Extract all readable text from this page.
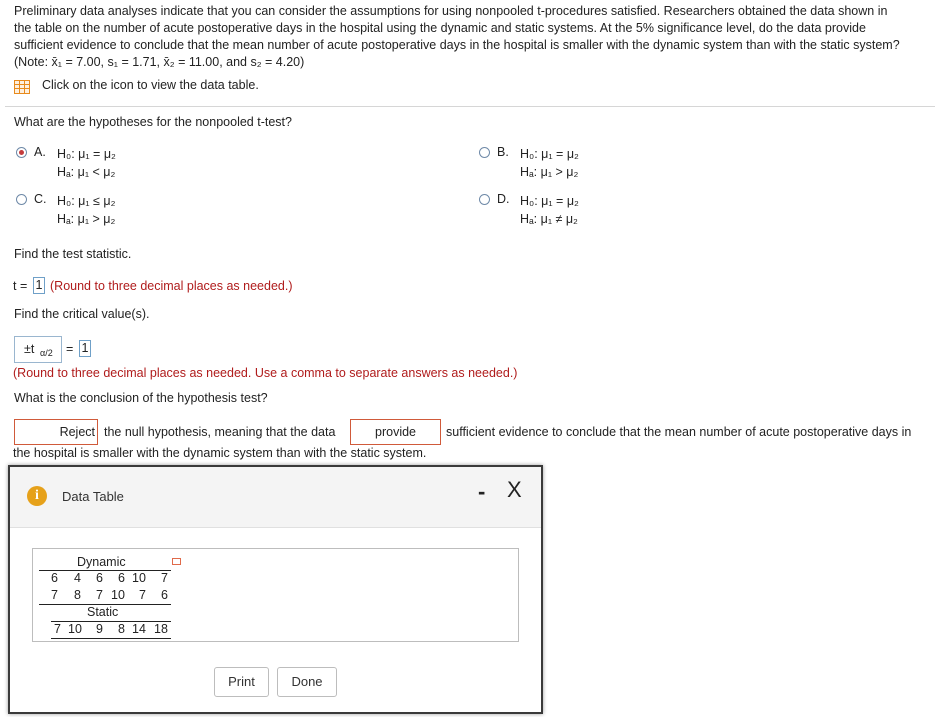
Preliminary data analyses indicate that you can consider the assumptions for using nonpooled t-procedures satisfied. Researchers obtained the data shown in
the table on the number of acute postoperative days in the hospital using the dynamic and static systems. At the 5% significance level, do the data provide
sufficient evidence to conclude that the mean number of acute postoperative days in the hospital is smaller with the dynamic system than with the static system?
(Note: x̄₁ = 7.00, s₁ = 1.71, x̄₂ = 11.00, and s₂ = 4.20)
Click on the icon to view the data table.
What are the hypotheses for the nonpooled t-test?
A. H₀: μ₁ = μ₂
Hₐ: μ₁ < μ₂
B. H₀: μ₁ = μ₂
Hₐ: μ₁ > μ₂
C. H₀: μ₁ ≤ μ₂
Hₐ: μ₁ > μ₂
D. H₀: μ₁ = μ₂
Hₐ: μ₁ ≠ μ₂
Find the test statistic.
t = 1 (Round to three decimal places as needed.)
Find the critical value(s).
±t α/2 = 1
(Round to three decimal places as needed. Use a comma to separate answers as needed.)
What is the conclusion of the hypothesis test?
Reject the null hypothesis, meaning that the data	provide	sufficient evidence to conclude that the mean number of acute postoperative days in
the hospital is smaller with the dynamic system than with the static system.
i	Data Table	- X
Dynamic
6 4 6 6 10 7
7 8 7 10 7 6
Static
7 10 9 8 14 18
Print	Done
